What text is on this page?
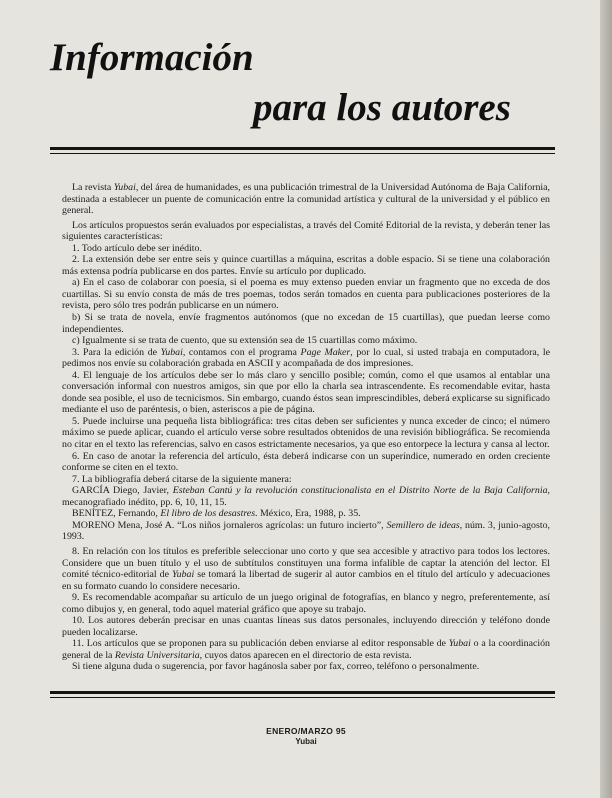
Información
para los autores

La revista Yubai, del área de humanidades, es una publicación trimestral de la Universidad Autónoma de Baja California, destinada a establecer un puente de comunicación entre la comunidad artística y cultural de la universidad y el público en general.

Los artículos propuestos serán evaluados por especialistas, a través del Comité Editorial de la revista, y deberán tener las siguientes características:

1. Todo artículo debe ser inédito.

2. La extensión debe ser entre seis y quince cuartillas a máquina, escritas a doble espacio. Si se tiene una colaboración más extensa podría publicarse en dos partes. Envíe su artículo por duplicado.

a) En el caso de colaborar con poesía, si el poema es muy extenso pueden enviar un fragmento que no exceda de dos cuartillas. Si su envío consta de más de tres poemas, todos serán tomados en cuenta para publicaciones posteriores de la revista, pero sólo tres podrán publicarse en un número.

b) Si se trata de novela, envíe fragmentos autónomos (que no excedan de 15 cuartillas), que puedan leerse como independientes.

c) Igualmente si se trata de cuento, que su extensión sea de 15 cuartillas como máximo.

3. Para la edición de Yubai, contamos con el programa Page Maker, por lo cual, si usted trabaja en computadora, le pedimos nos envíe su colaboración grabada en ASCII y acompañada de dos impresiones.

4. El lenguaje de los artículos debe ser lo más claro y sencillo posible; común, como el que usamos al entablar una conversación informal con nuestros amigos, sin que por ello la charla sea intrascendente. Es recomendable evitar, hasta donde sea posible, el uso de tecnicismos. Sin embargo, cuando éstos sean imprescindibles, deberá explicarse su significado mediante el uso de paréntesis, o bien, asteriscos a pie de página.

5. Puede incluirse una pequeña lista bibliográfica: tres citas deben ser suficientes y nunca exceder de cinco; el número máximo se puede aplicar, cuando el artículo verse sobre resultados obtenidos de una revisión bibliográfica. Se recomienda no citar en el texto las referencias, salvo en casos estrictamente necesarios, ya que eso entorpece la lectura y cansa al lector.

6. En caso de anotar la referencia del artículo, ésta deberá indicarse con un superíndice, numerado en orden creciente conforme se citen en el texto.

7. La bibliografía deberá citarse de la siguiente manera:

GARCÍA Diego, Javier, Esteban Cantú y la revolución constitucionalista en el Distrito Norte de la Baja California, mecanografiado inédito, pp. 6, 10, 11, 15.

BENÍTEZ, Fernando, El libro de los desastres. México, Era, 1988, p. 35.

MORENO Mena, José A. “Los niños jornaleros agrícolas: un futuro incierto”, Semillero de ideas, núm. 3, junio-agosto, 1993.

8. En relación con los títulos es preferible seleccionar uno corto y que sea accesible y atractivo para todos los lectores. Considere que un buen título y el uso de subtítulos constituyen una forma infalible de captar la atención del lector. El comité técnico-editorial de Yubai se tomará la libertad de sugerir al autor cambios en el título del artículo y adecuaciones en su formato cuando lo considere necesario.

9. Es recomendable acompañar su artículo de un juego original de fotografías, en blanco y negro, preferentemente, así como dibujos y, en general, todo aquel material gráfico que apoye su trabajo.

10. Los autores deberán precisar en unas cuantas líneas sus datos personales, incluyendo dirección y teléfono donde pueden localizarse.

11. Los artículos que se proponen para su publicación deben enviarse al editor responsable de Yubai o a la coordinación general de la Revista Universitaria, cuyos datos aparecen en el directorio de esta revista.

Si tiene alguna duda o sugerencia, por favor hagánosla saber por fax, correo, teléfono o personalmente.

ENERO/MARZO 95
Yubai
